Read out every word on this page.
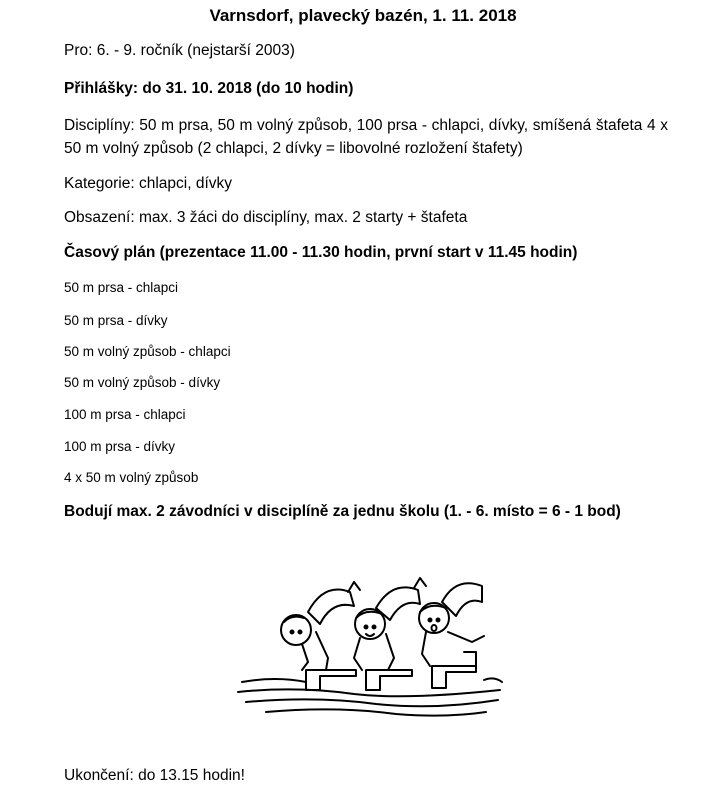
Varnsdorf, plavecký bazén, 1. 11. 2018
Pro: 6. - 9. ročník (nejstarší 2003)
Přihlášky: do 31. 10. 2018 (do 10 hodin)
Disciplíny: 50 m prsa, 50 m volný způsob, 100 prsa - chlapci, dívky, smíšená štafeta 4 x 50 m volný způsob (2 chlapci, 2 dívky = libovolné rozložení štafety)
Kategorie: chlapci, dívky
Obsazení: max. 3 žáci do disciplíny, max. 2 starty + štafeta
Časový plán (prezentace 11.00 - 11.30 hodin, první start v 11.45 hodin)
50 m prsa - chlapci
50 m prsa - dívky
50 m volný způsob - chlapci
50 m volný způsob - dívky
100 m prsa - chlapci
100 m prsa - dívky
4 x 50 m volný způsob
Bodují max. 2 závodníci v disciplíně za jednu školu (1. - 6. místo = 6 - 1 bod)
Ukončení: do 13.15 hodin!
